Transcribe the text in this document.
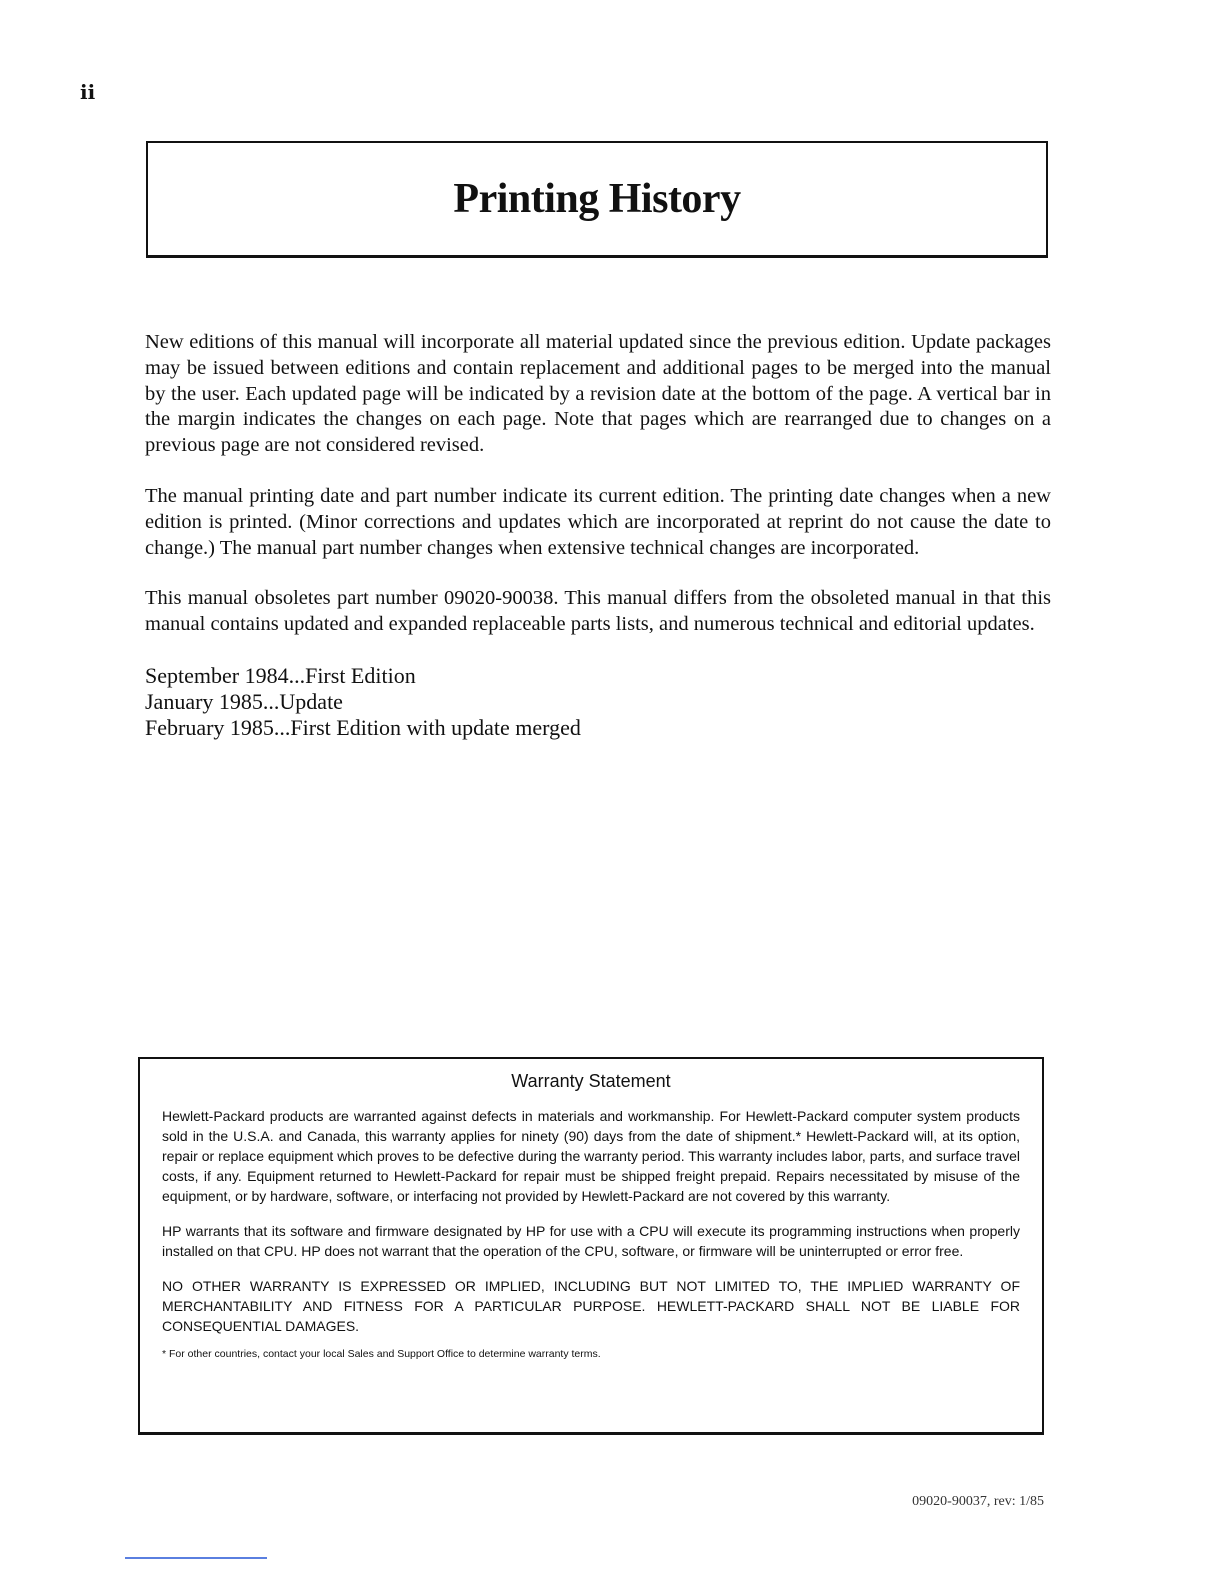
ii
Printing History

New editions of this manual will incorporate all material updated since the previous edition. Update packages may be issued between editions and contain replacement and additional pages to be merged into the manual by the user. Each updated page will be indicated by a revision date at the bottom of the page. A vertical bar in the margin indicates the changes on each page. Note that pages which are rearranged due to changes on a previous page are not considered revised.

The manual printing date and part number indicate its current edition. The printing date changes when a new edition is printed. (Minor corrections and updates which are incorporated at reprint do not cause the date to change.) The manual part number changes when extensive technical changes are incorporated.

This manual obsoletes part number 09020-90038. This manual differs from the obsoleted manual in that this manual contains updated and expanded replaceable parts lists, and numerous technical and editorial updates.

September 1984...First Edition
January 1985...Update
February 1985...First Edition with update merged
Warranty Statement

Hewlett-Packard products are warranted against defects in materials and workmanship. For Hewlett-Packard computer system products sold in the U.S.A. and Canada, this warranty applies for ninety (90) days from the date of shipment.* Hewlett-Packard will, at its option, repair or replace equipment which proves to be defective during the warranty period. This warranty includes labor, parts, and surface travel costs, if any. Equipment returned to Hewlett-Packard for repair must be shipped freight prepaid. Repairs necessitated by misuse of the equipment, or by hardware, software, or interfacing not provided by Hewlett-Packard are not covered by this warranty.

HP warrants that its software and firmware designated by HP for use with a CPU will execute its programming instructions when properly installed on that CPU. HP does not warrant that the operation of the CPU, software, or firmware will be uninterrupted or error free.

NO OTHER WARRANTY IS EXPRESSED OR IMPLIED, INCLUDING BUT NOT LIMITED TO, THE IMPLIED WARRANTY OF MERCHANTABILITY AND FITNESS FOR A PARTICULAR PURPOSE. HEWLETT-PACKARD SHALL NOT BE LIABLE FOR CONSEQUENTIAL DAMAGES.

* For other countries, contact your local Sales and Support Office to determine warranty terms.

09020-90037, rev: 1/85
